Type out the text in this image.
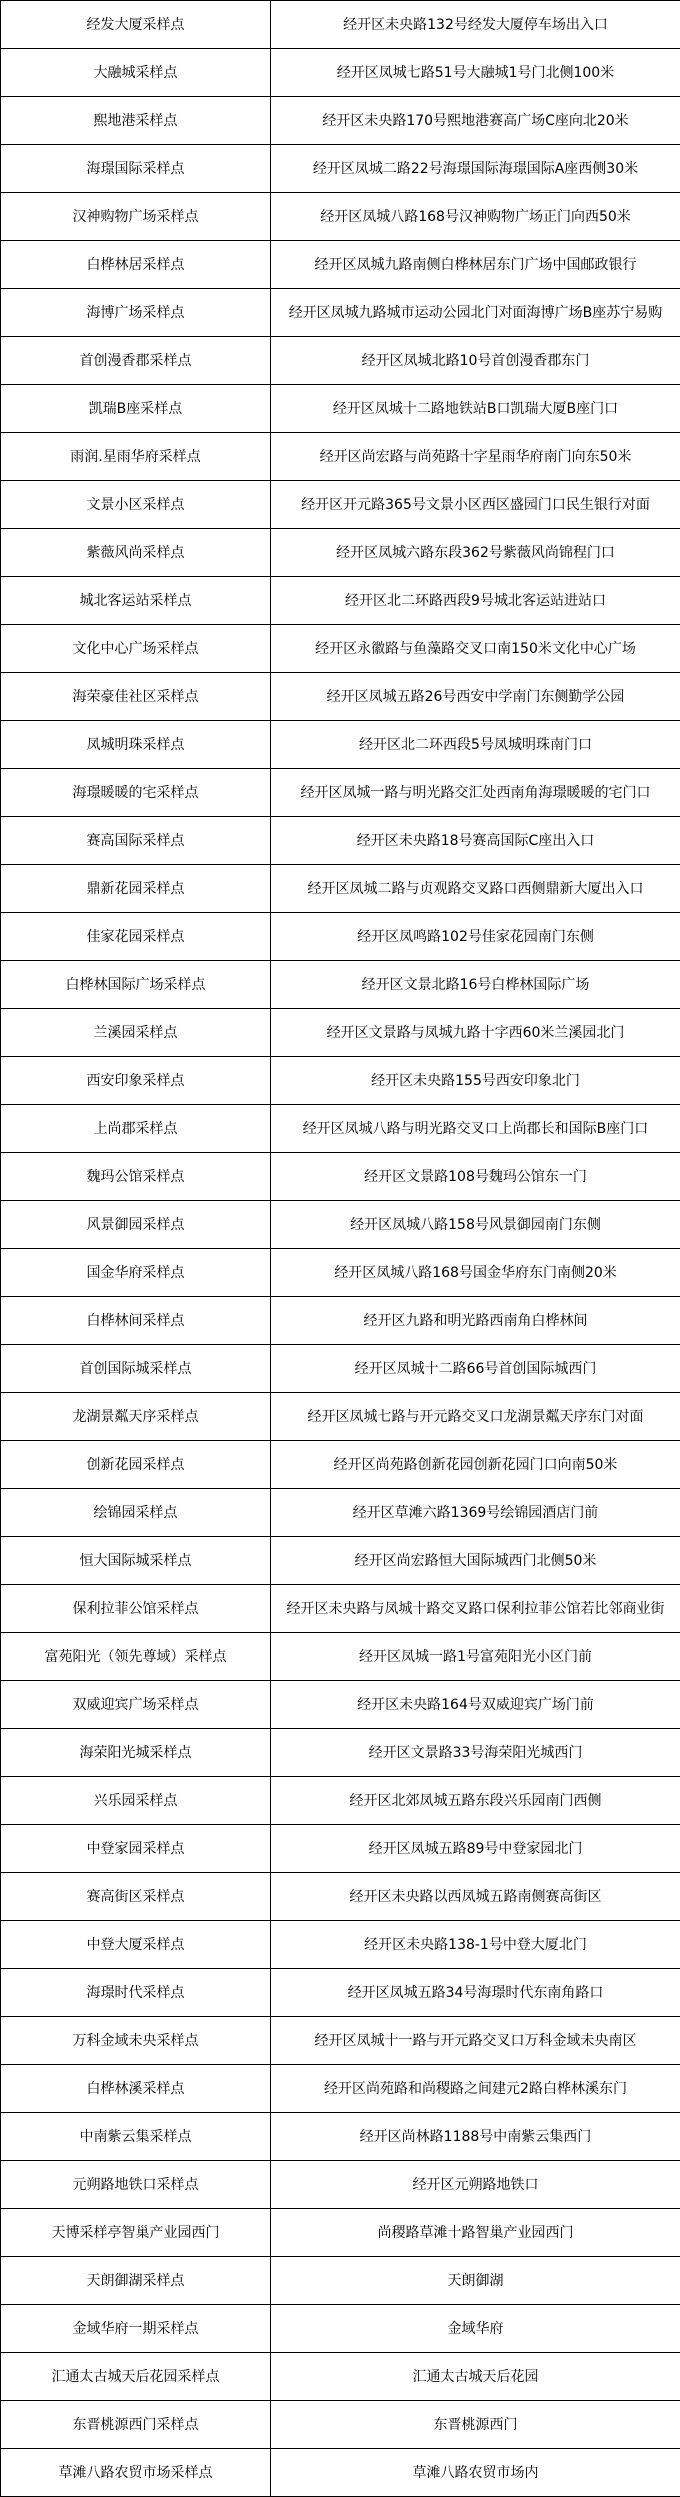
经发大厦采样点	经开区未央路132号经发大厦停车场出入口
大融城采样点	经开区凤城七路51号大融城1号门北侧100米
熙地港采样点	经开区未央路170号熙地港赛高广场C座向北20米
海璟国际采样点	经开区凤城二路22号海璟国际海璟国际A座西侧30米
汉神购物广场采样点	经开区凤城八路168号汉神购物广场正门向西50米
白桦林居采样点	经开区凤城九路南侧白桦林居东门广场中国邮政银行
海博广场采样点	经开区凤城九路城市运动公园北门对面海博广场B座苏宁易购
首创漫香郡采样点	经开区凤城北路10号首创漫香郡东门
凯瑞B座采样点	经开区凤城十二路地铁站B口凯瑞大厦B座门口
雨润.星雨华府采样点	经开区尚宏路与尚苑路十字星雨华府南门向东50米
文景小区采样点	经开区开元路365号文景小区西区盛园门口民生银行对面
紫薇风尚采样点	经开区凤城六路东段362号紫薇风尚锦程门口
城北客运站采样点	经开区北二环路西段9号城北客运站进站口
文化中心广场采样点	经开区永徽路与鱼藻路交叉口南150米文化中心广场
海荣豪佳社区采样点	经开区凤城五路26号西安中学南门东侧勤学公园
凤城明珠采样点	经开区北二环西段5号凤城明珠南门口
海璟暖暖的宅采样点	经开区凤城一路与明光路交汇处西南角海璟暖暖的宅门口
赛高国际采样点	经开区未央路18号赛高国际C座出入口
鼎新花园采样点	经开区凤城二路与贞观路交叉路口西侧鼎新大厦出入口
佳家花园采样点	经开区凤鸣路102号佳家花园南门东侧
白桦林国际广场采样点	经开区文景北路16号白桦林国际广场
兰溪园采样点	经开区文景路与凤城九路十字西60米兰溪园北门
西安印象采样点	经开区未央路155号西安印象北门
上尚郡采样点	经开区凤城八路与明光路交叉口上尚郡长和国际B座门口
魏玛公馆采样点	经开区文景路108号魏玛公馆东一门
风景御园采样点	经开区凤城八路158号风景御园南门东侧
国金华府采样点	经开区凤城八路168号国金华府东门南侧20米
白桦林间采样点	经开区九路和明光路西南角白桦林间
首创国际城采样点	经开区凤城十二路66号首创国际城西门
龙湖景粼天序采样点	经开区凤城七路与开元路交叉口龙湖景粼天序东门对面
创新花园采样点	经开区尚苑路创新花园创新花园门口向南50米
绘锦园采样点	经开区草滩六路1369号绘锦园酒店门前
恒大国际城采样点	经开区尚宏路恒大国际城西门北侧50米
保利拉菲公馆采样点	经开区未央路与凤城十路交叉路口保利拉菲公馆若比邻商业街
富苑阳光（领先尊域）采样点	经开区凤城一路1号富苑阳光小区门前
双威迎宾广场采样点	经开区未央路164号双威迎宾广场门前
海荣阳光城采样点	经开区文景路33号海荣阳光城西门
兴乐园采样点	经开区北郊凤城五路东段兴乐园南门西侧
中登家园采样点	经开区凤城五路89号中登家园北门
赛高街区采样点	经开区未央路以西凤城五路南侧赛高街区
中登大厦采样点	经开区未央路138-1号中登大厦北门
海璟时代采样点	经开区凤城五路34号海璟时代东南角路口
万科金域未央采样点	经开区凤城十一路与开元路交叉口万科金域未央南区
白桦林溪采样点	经开区尚苑路和尚稷路之间建元2路白桦林溪东门
中南紫云集采样点	经开区尚林路1188号中南紫云集西门
元朔路地铁口采样点	经开区元朔路地铁口
天博采样亭智巢产业园西门	尚稷路草滩十路智巢产业园西门
天朗御湖采样点	天朗御湖
金域华府一期采样点	金域华府
汇通太古城天后花园采样点	汇通太古城天后花园
东晋桃源西门采样点	东晋桃源西门
草滩八路农贸市场采样点	草滩八路农贸市场内
